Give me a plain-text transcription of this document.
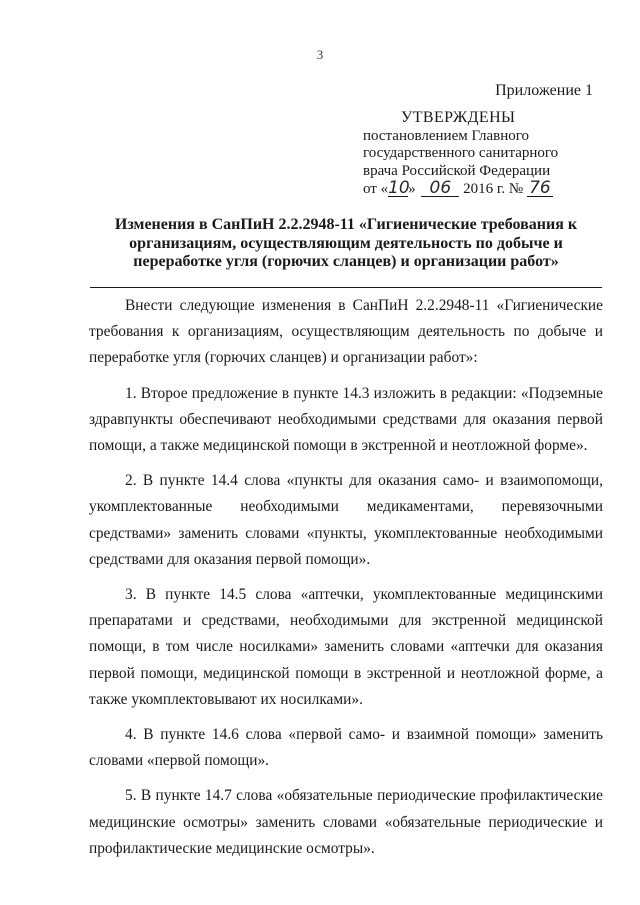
3
Приложение 1
УТВЕРЖДЕНЫ
постановлением Главного
государственного санитарного
врача Российской Федерации
от «10» 06 2016 г. № 76
Изменения в СанПиН 2.2.2948-11 «Гигиенические требования к организациям, осуществляющим деятельность по добыче и переработке угля (горючих сланцев) и организации работ»

Внести следующие изменения в СанПиН 2.2.2948-11 «Гигиенические требования к организациям, осуществляющим деятельность по добыче и переработке угля (горючих сланцев) и организации работ»:

1. Второе предложение в пункте 14.3 изложить в редакции: «Подземные здравпункты обеспечивают необходимыми средствами для оказания первой помощи, а также медицинской помощи в экстренной и неотложной форме».

2. В пункте 14.4 слова «пункты для оказания само- и взаимопомощи, укомплектованные необходимыми медикаментами, перевязочными средствами» заменить словами «пункты, укомплектованные необходимыми средствами для оказания первой помощи».

3. В пункте 14.5 слова «аптечки, укомплектованные медицинскими препаратами и средствами, необходимыми для экстренной медицинской помощи, в том числе носилками» заменить словами «аптечки для оказания первой помощи, медицинской помощи в экстренной и неотложной форме, а также укомплектовывают их носилками».

4. В пункте 14.6 слова «первой само- и взаимной помощи» заменить словами «первой помощи».

5. В пункте 14.7 слова «обязательные периодические профилактические медицинские осмотры» заменить словами «обязательные периодические и профилактические медицинские осмотры».
